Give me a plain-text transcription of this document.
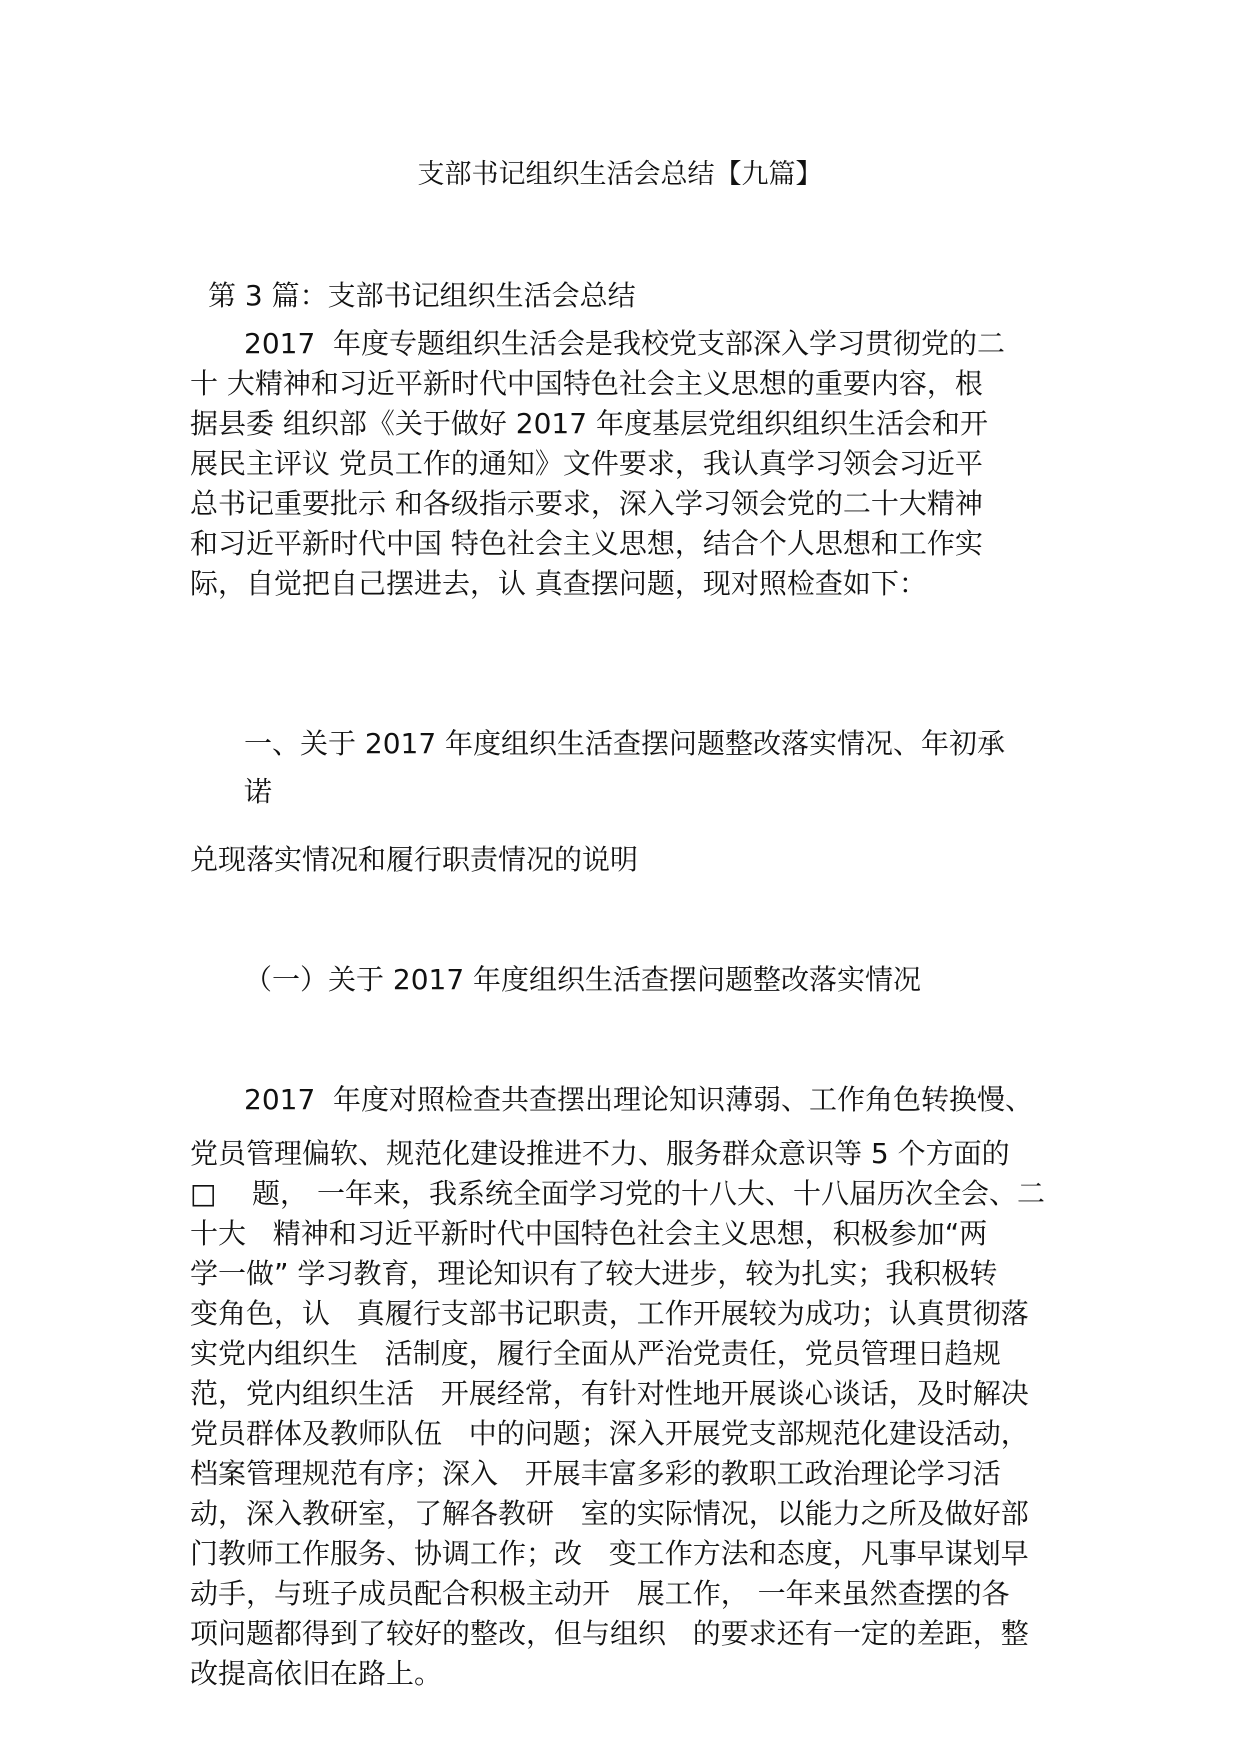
支部书记组织生活会总结【九篇】
第 3 篇：支部书记组织生活会总结
2017  年度专题组织生活会是我校党支部深入学习贯彻党的二
十 大精神和习近平新时代中国特色社会主义思想的重要内容，根
据县委 组织部《关于做好 2017 年度基层党组织组织生活会和开
展民主评议 党员工作的通知》文件要求，我认真学习领会习近平
总书记重要批示 和各级指示要求，深入学习领会党的二十大精神
和习近平新时代中国 特色社会主义思想，结合个人思想和工作实
际，自觉把自己摆进去，认 真查摆问题，现对照检查如下：
一、关于 2017 年度组织生活查摆问题整改落实情况、年初承
诺
兑现落实情况和履行职责情况的说明
（一）关于 2017 年度组织生活查摆问题整改落实情况
2017  年度对照检查共查摆出理论知识薄弱、工作角色转换慢、
党员管理偏软、规范化建设推进不力、服务群众意识等 5 个方面的
□    题， 一年来，我系统全面学习党的十八大、十八届历次全会、二
十大   精神和习近平新时代中国特色社会主义思想，积极参加“两
学一做” 学习教育，理论知识有了较大进步，较为扎实；我积极转
变角色，认   真履行支部书记职责，工作开展较为成功；认真贯彻落
实党内组织生   活制度，履行全面从严治党责任，党员管理日趋规
范，党内组织生活   开展经常，有针对性地开展谈心谈话，及时解决
党员群体及教师队伍   中的问题；深入开展党支部规范化建设活动，
档案管理规范有序；深入   开展丰富多彩的教职工政治理论学习活
动，深入教研室，了解各教研   室的实际情况，以能力之所及做好部
门教师工作服务、协调工作；改   变工作方法和态度，凡事早谋划早
动手，与班子成员配合积极主动开   展工作， 一年来虽然查摆的各
项问题都得到了较好的整改，但与组织   的要求还有一定的差距，整
改提高依旧在路上。
